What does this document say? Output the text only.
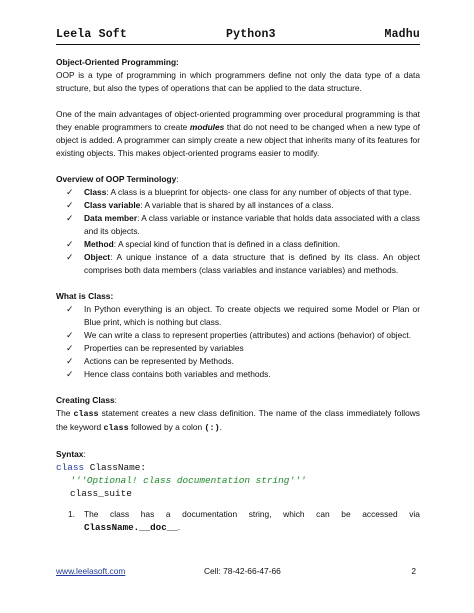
Leela Soft	Python3	Madhu

Object-Oriented Programming:

OOP is a type of programming in which programmers define not only the data type of a data structure, but also the types of operations that can be applied to the data structure.

One of the main advantages of object-oriented programming over procedural programming is that they enable programmers to create modules that do not need to be changed when a new type of object is added. A programmer can simply create a new object that inherits many of its features for existing objects. This makes object-oriented programs easier to modify.

Overview of OOP Terminology:

✓ Class: A class is a blueprint for objects- one class for any number of objects of that type.
✓ Class variable: A variable that is shared by all instances of a class.
✓ Data member: A class variable or instance variable that holds data associated with a class and its objects.
✓ Method: A special kind of function that is defined in a class definition.
✓ Object: A unique instance of a data structure that is defined by its class. An object comprises both data members (class variables and instance variables) and methods.

What is Class:

✓ In Python everything is an object. To create objects we required some Model or Plan or Blue print, which is nothing but class.
✓ We can write a class to represent properties (attributes) and actions (behavior) of object.
✓ Properties can be represented by variables
✓ Actions can be represented by Methods.
✓ Hence class contains both variables and methods.

Creating Class:

The class statement creates a new class definition. The name of the class immediately follows the keyword class followed by a colon (:).

Syntax:

class ClassName:
'''Optional! class documentation string'''
class_suite
1. The class has a documentation string, which can be accessed via
ClassName.__doc__.
www.leelasoft.com	Cell: 78-42-66-47-66	2
